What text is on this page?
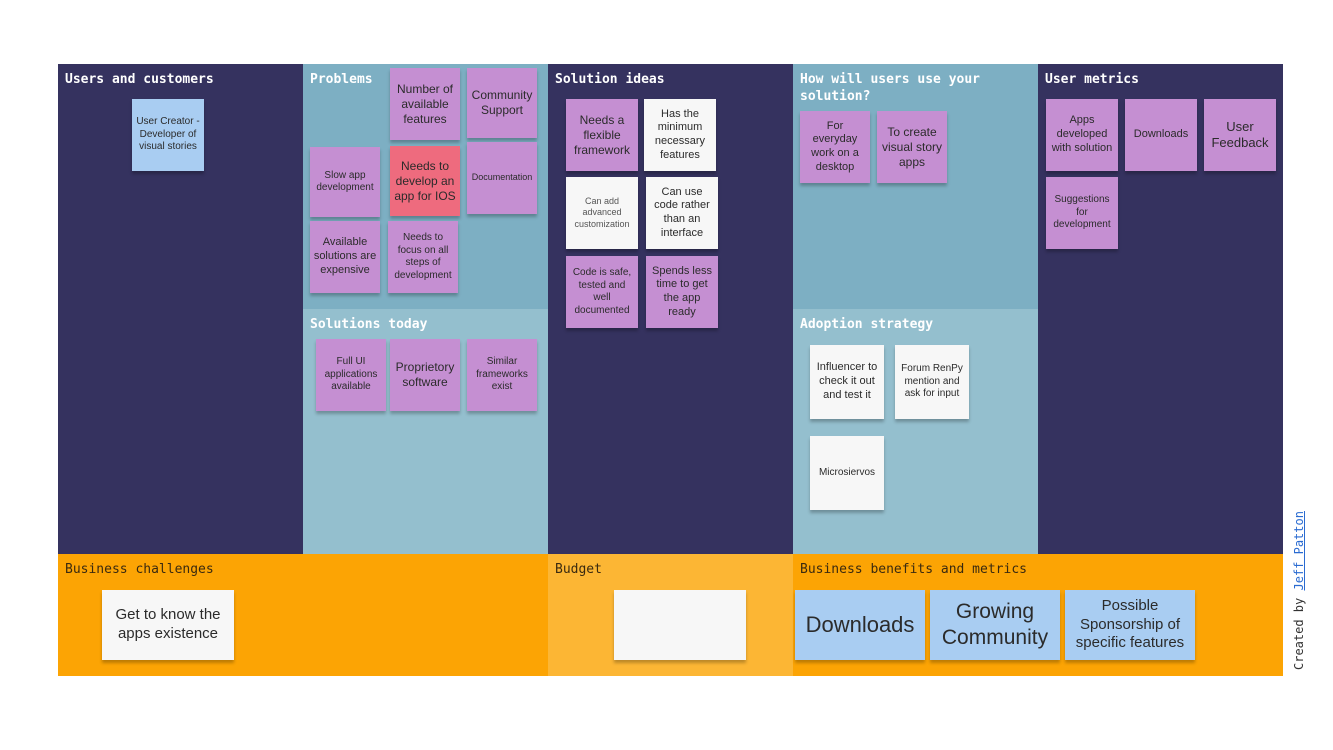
Users and customers
User Creator -Developer of visual stories
Problems
Number of available features
Community Support
Slow app development
Needs to develop an app for IOS
Documentation
Available solutions are expensive
Needs to focus on all steps of development
Solutions today
Full UI applications available
Proprietory software
Similar frameworks exist
Solution ideas
Needs a flexible framework
Has the minimum necessary features
Can add advanced customization
Can use code rather than an interface
Code is safe, tested and well documented
Spends less time to get the app ready
How will users use your solution?
For everyday work on a desktop
To create visual story apps
Adoption strategy
Influencer to check it out and test it
Forum RenPy mention and ask for input
Microsiervos
User metrics
Apps developed with solution
Downloads
User Feedback
Suggestions for development
Business challenges
Get to know the apps existence
Budget	Business benefits and metrics
Downloads
Growing Community
Possible Sponsorship of specific features	Created by Jeff Patton
